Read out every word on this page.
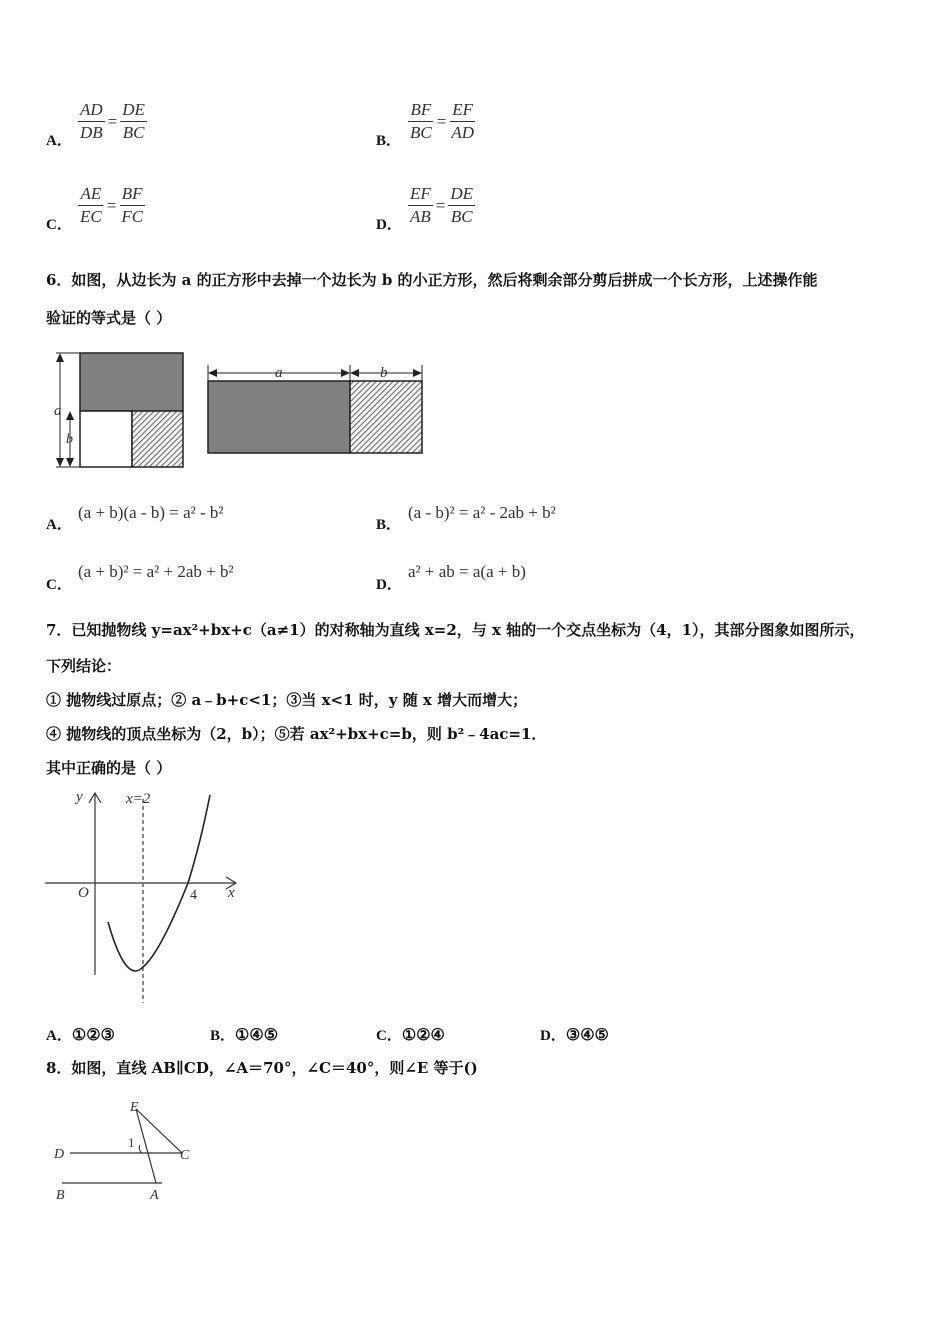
A． $\frac{AD}{DB} = \frac{DE}{BC}$	B． $\frac{BF}{BC} = \frac{EF}{AD}$
C． $\frac{AE}{EC} = \frac{BF}{FC}$	D． $\frac{EF}{AB} = \frac{DE}{BC}$
6．如图，从边长为 a 的正方形中去掉一个边长为 b 的小正方形，然后将剩余部分剪后拼成一个长方形，上述操作能
验证的等式是（ ）
a
b
a	b
A．
(a + b)(a - b) = a² - b²
B．
(a - b)² = a² - 2ab + b²
C．
(a + b)² = a² + 2ab + b²
D．
a² + ab = a(a + b)
7．已知抛物线 y=ax²+bx+c（a≠1）的对称轴为直线 x=2，与 x 轴的一个交点坐标为（4，1），其部分图象如图所示，
下列结论：
① 抛物线过原点；② a﹣b+c<1；③当 x<1 时，y 随 x 增大而增大；
④ 抛物线的顶点坐标为（2，b）；⑤若 ax²+bx+c=b，则 b²﹣4ac=1．
其中正确的是（ ）
y	x=2
O	4 x
A．①②③	B．①④⑤	C．①②④	D．③④⑤
8．如图，直线 AB∥CD，∠A＝70°，∠C＝40°，则∠E 等于()
E
D	C
B	A
1
